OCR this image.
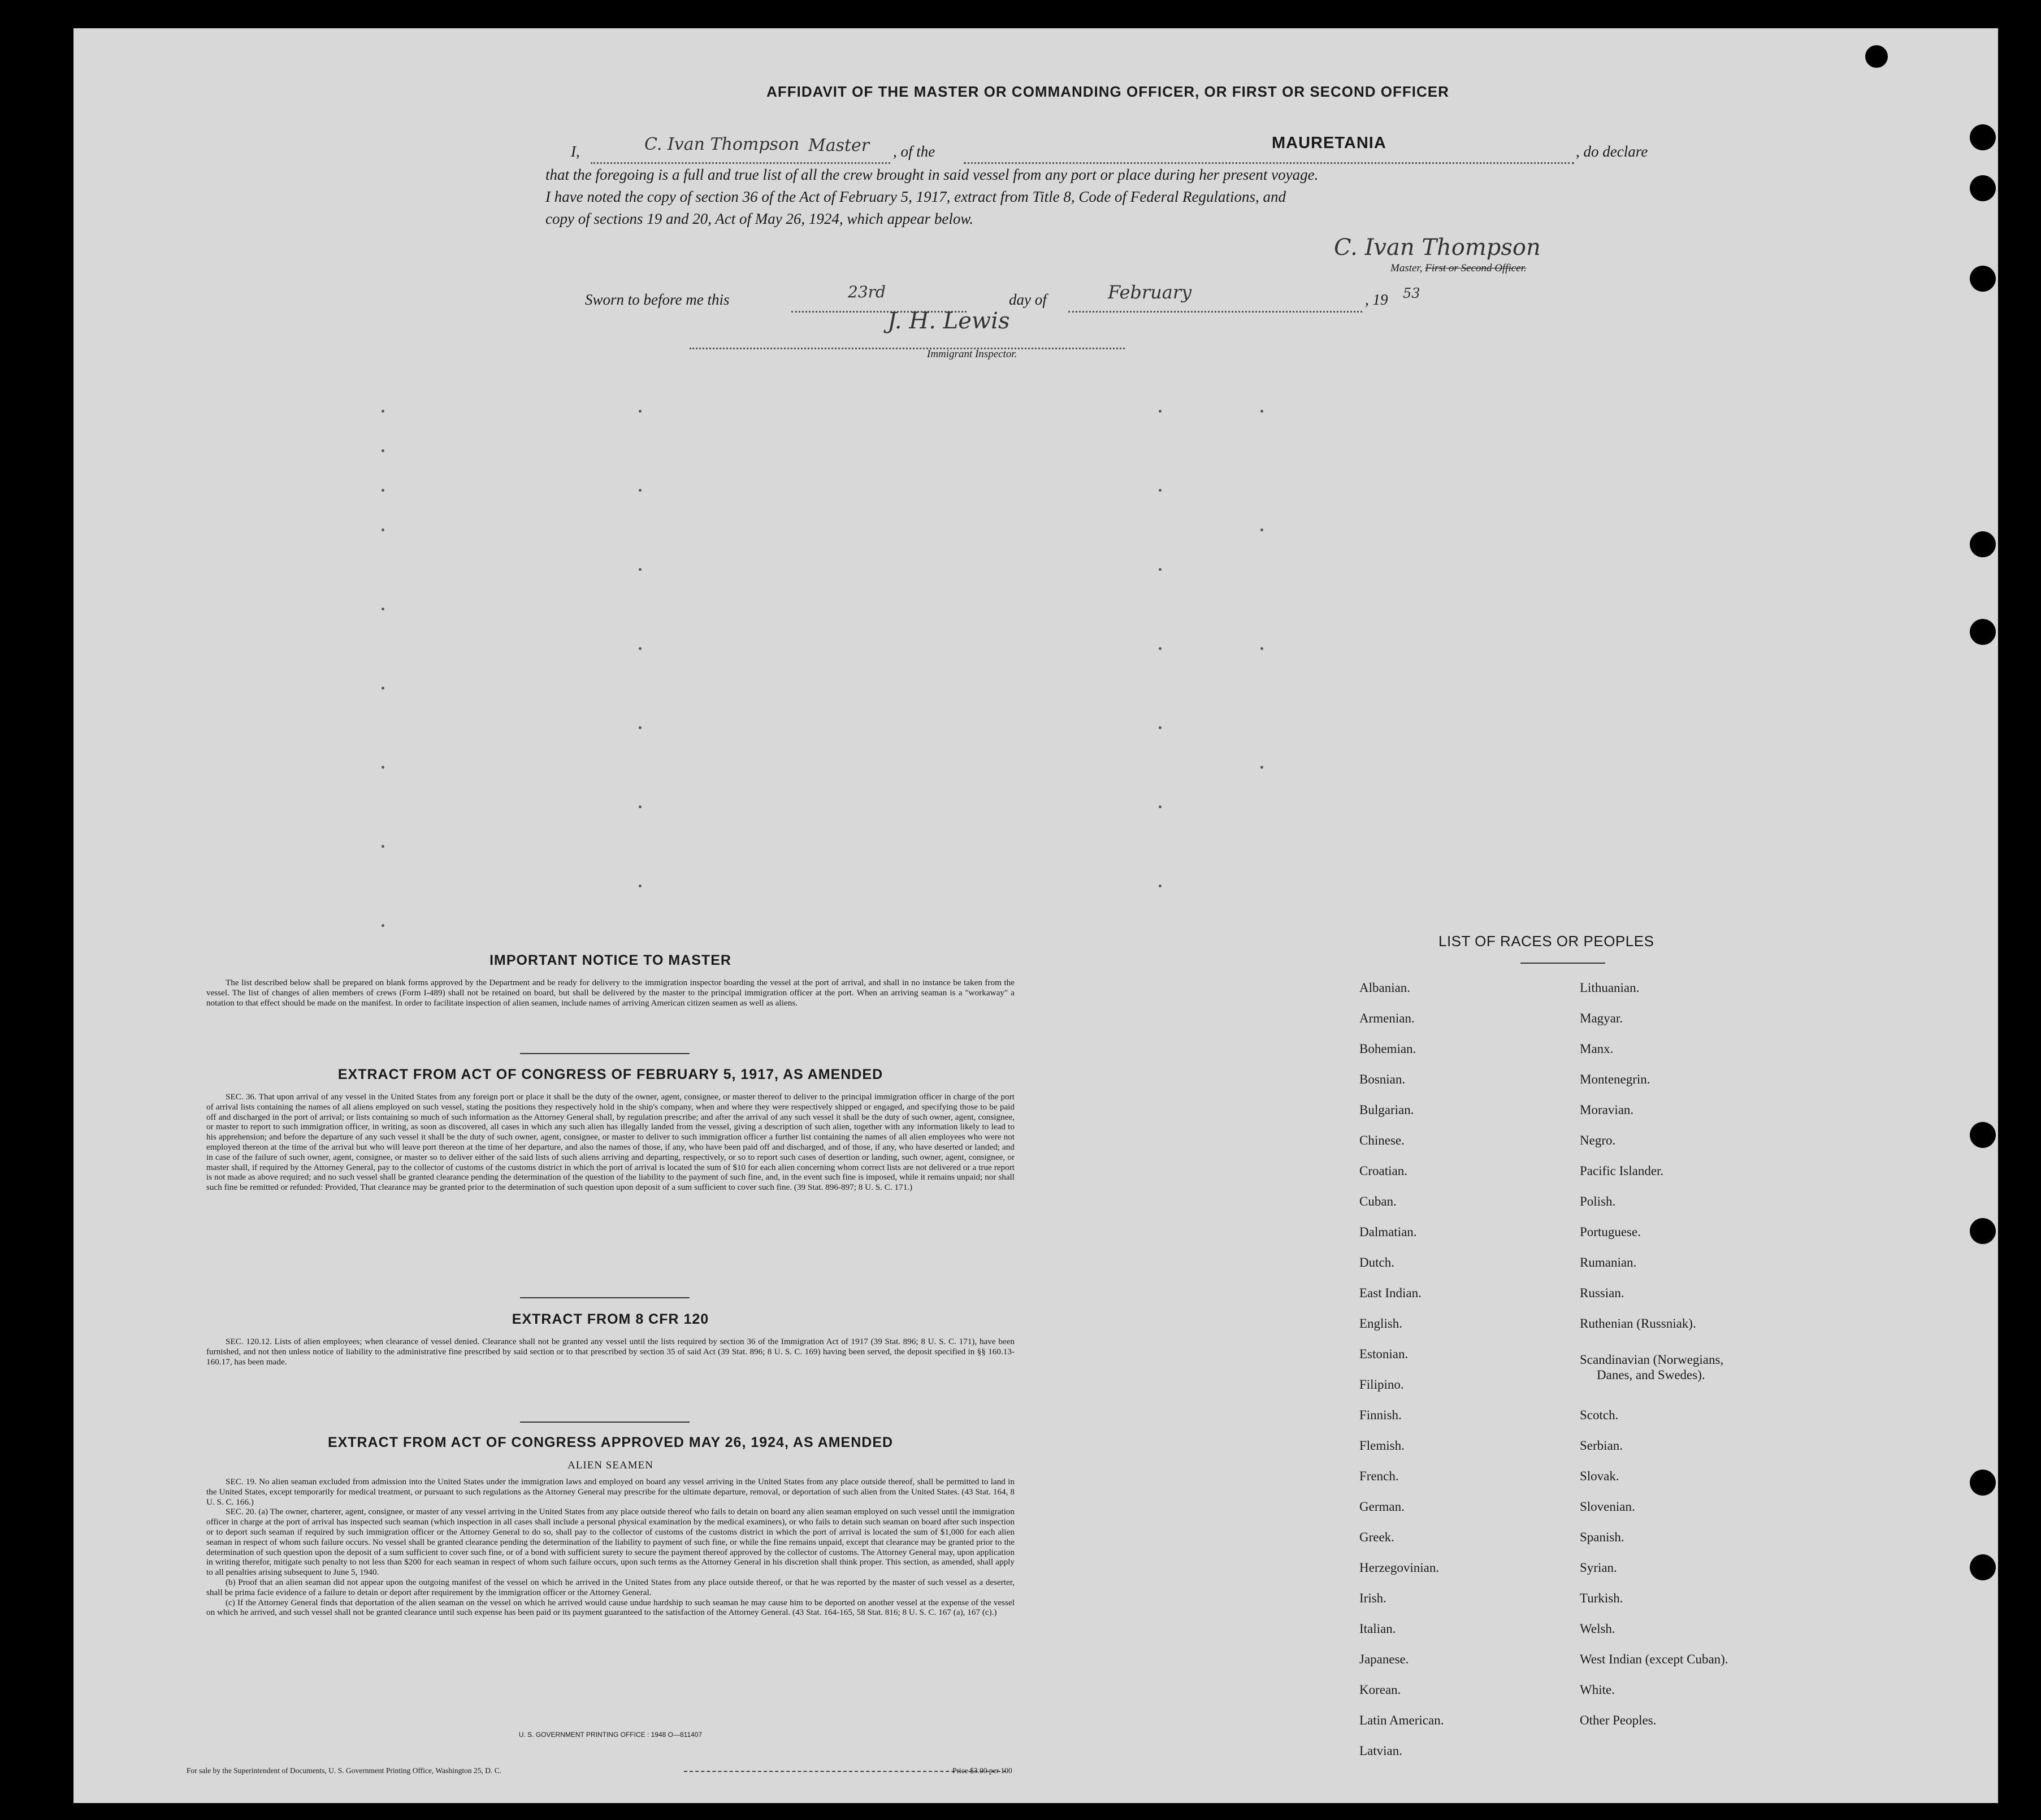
AFFIDAVIT OF THE MASTER OR COMMANDING OFFICER, OR FIRST OR SECOND OFFICER
I,	C. Ivan Thompson Master , of the	MAURETANIA	, do declare
that the foregoing is a full and true list of all the crew brought in said vessel from any port or place during her present voyage.
I have noted the copy of section 36 of the Act of February 5, 1917, extract from Title 8, Code of Federal Regulations, and
copy of sections 19 and 20, Act of May 26, 1924, which appear below.
C. Ivan Thompson
Master, First or Second Officer.
Sworn to before me this	23rd	day of	February	, 19 53
J. H. Lewis
Immigrant Inspector.
IMPORTANT NOTICE TO MASTER
The list described below shall be prepared on blank forms approved by the Department and be ready for delivery to the immigration inspector boarding the vessel at the port of arrival, and shall in no instance be taken from the vessel. The list of changes of alien members of crews (Form I-489) shall not be retained on board, but shall be delivered by the master to the principal immigration officer at the port. When an arriving seaman is a "workaway" a notation to that effect should be made on the manifest. In order to facilitate inspection of alien seamen, include names of arriving American citizen seamen as well as aliens.
EXTRACT FROM ACT OF CONGRESS OF FEBRUARY 5, 1917, AS AMENDED
SEC. 36. That upon arrival of any vessel in the United States from any foreign port or place it shall be the duty of the owner, agent, consignee, or master thereof to deliver to the principal immigration officer in charge of the port of arrival lists containing the names of all aliens employed on such vessel, stating the positions they respectively hold in the ship's company, when and where they were respectively shipped or engaged, and specifying those to be paid off and discharged in the port of arrival; or lists containing so much of such information as the Attorney General shall, by regulation prescribe; and after the arrival of any such vessel it shall be the duty of such owner, agent, consignee, or master to report to such immigration officer, in writing, as soon as discovered, all cases in which any such alien has illegally landed from the vessel, giving a description of such alien, together with any information likely to lead to his apprehension; and before the departure of any such vessel it shall be the duty of such owner, agent, consignee, or master to deliver to such immigration officer a further list containing the names of all alien employees who were not employed thereon at the time of the arrival but who will leave port thereon at the time of her departure, and also the names of those, if any, who have been paid off and discharged, and of those, if any, who have deserted or landed; and in case of the failure of such owner, agent, consignee, or master so to deliver either of the said lists of such aliens arriving and departing, respectively, or so to report such cases of desertion or landing, such owner, agent, consignee, or master shall, if required by the Attorney General, pay to the collector of customs of the customs district in which the port of arrival is located the sum of $10 for each alien concerning whom correct lists are not delivered or a true report is not made as above required; and no such vessel shall be granted clearance pending the determination of the question of the liability to the payment of such fine, and, in the event such fine is imposed, while it remains unpaid; nor shall such fine be remitted or refunded: Provided, That clearance may be granted prior to the determination of such question upon deposit of a sum sufficient to cover such fine. (39 Stat. 896-897; 8 U. S. C. 171.)
EXTRACT FROM 8 CFR 120
SEC. 120.12. Lists of alien employees; when clearance of vessel denied. Clearance shall not be granted any vessel until the lists required by section 36 of the Immigration Act of 1917 (39 Stat. 896; 8 U. S. C. 171), have been furnished, and not then unless notice of liability to the administrative fine prescribed by said section or to that prescribed by section 35 of said Act (39 Stat. 896; 8 U. S. C. 169) having been served, the deposit specified in §§ 160.13-160.17, has been made.
EXTRACT FROM ACT OF CONGRESS APPROVED MAY 26, 1924, AS AMENDED
ALIEN SEAMEN
SEC. 19. No alien seaman excluded from admission into the United States under the immigration laws and employed on board any vessel arriving in the United States from any place outside thereof, shall be permitted to land in the United States, except temporarily for medical treatment, or pursuant to such regulations as the Attorney General may prescribe for the ultimate departure, removal, or deportation of such alien from the United States. (43 Stat. 164, 8 U. S. C. 166.)
SEC. 20. (a) The owner, charterer, agent, consignee, or master of any vessel arriving in the United States from any place outside thereof who fails to detain on board any alien seaman employed on such vessel until the immigration officer in charge at the port of arrival has inspected such seaman (which inspection in all cases shall include a personal physical examination by the medical examiners), or who fails to detain such seaman on board after such inspection or to deport such seaman if required by such immigration officer or the Attorney General to do so, shall pay to the collector of customs of the customs district in which the port of arrival is located the sum of $1,000 for each alien seaman in respect of whom such failure occurs. No vessel shall be granted clearance pending the determination of the liability to payment of such fine, or while the fine remains unpaid, except that clearance may be granted prior to the determination of such question upon the deposit of a sum sufficient to cover such fine, or of a bond with sufficient surety to secure the payment thereof approved by the collector of customs. The Attorney General may, upon application in writing therefor, mitigate such penalty to not less than $200 for each seaman in respect of whom such failure occurs, upon such terms as the Attorney General in his discretion shall think proper. This section, as amended, shall apply to all penalties arising subsequent to June 5, 1940.
(b) Proof that an alien seaman did not appear upon the outgoing manifest of the vessel on which he arrived in the United States from any place outside thereof, or that he was reported by the master of such vessel as a deserter, shall be prima facie evidence of a failure to detain or deport after requirement by the immigration officer or the Attorney General.
(c) If the Attorney General finds that deportation of the alien seaman on the vessel on which he arrived would cause undue hardship to such seaman he may cause him to be deported on another vessel at the expense of the vessel on which he arrived, and such vessel shall not be granted clearance until such expense has been paid or its payment guaranteed to the satisfaction of the Attorney General. (43 Stat. 164-165, 58 Stat. 816; 8 U. S. C. 167 (a), 167 (c).)
U. S. GOVERNMENT PRINTING OFFICE : 1948 O—811407
For sale by the Superintendent of Documents, U. S. Government Printing Office, Washington 25, D. C.	Price $3.00 per 100
LIST OF RACES OR PEOPLES
Albanian.
Armenian.
Bohemian.
Bosnian.
Bulgarian.
Chinese.
Croatian.
Cuban.
Dalmatian.
Dutch.
East Indian.
English.
Estonian.
Filipino.
Finnish.
Flemish.
French.
German.
Greek.
Herzegovinian.
Irish.
Italian.
Japanese.
Korean.
Latin American.
Latvian.
Lithuanian.
Magyar.
Manx.
Montenegrin.
Moravian.
Negro.
Pacific Islander.
Polish.
Portuguese.
Rumanian.
Russian.
Ruthenian (Russniak).
Scandinavian (Norwegians,
Danes, and Swedes).
Scotch.
Serbian.
Slovak.
Slovenian.
Spanish.
Syrian.
Turkish.
Welsh.
West Indian (except Cuban).
White.
Other Peoples.
